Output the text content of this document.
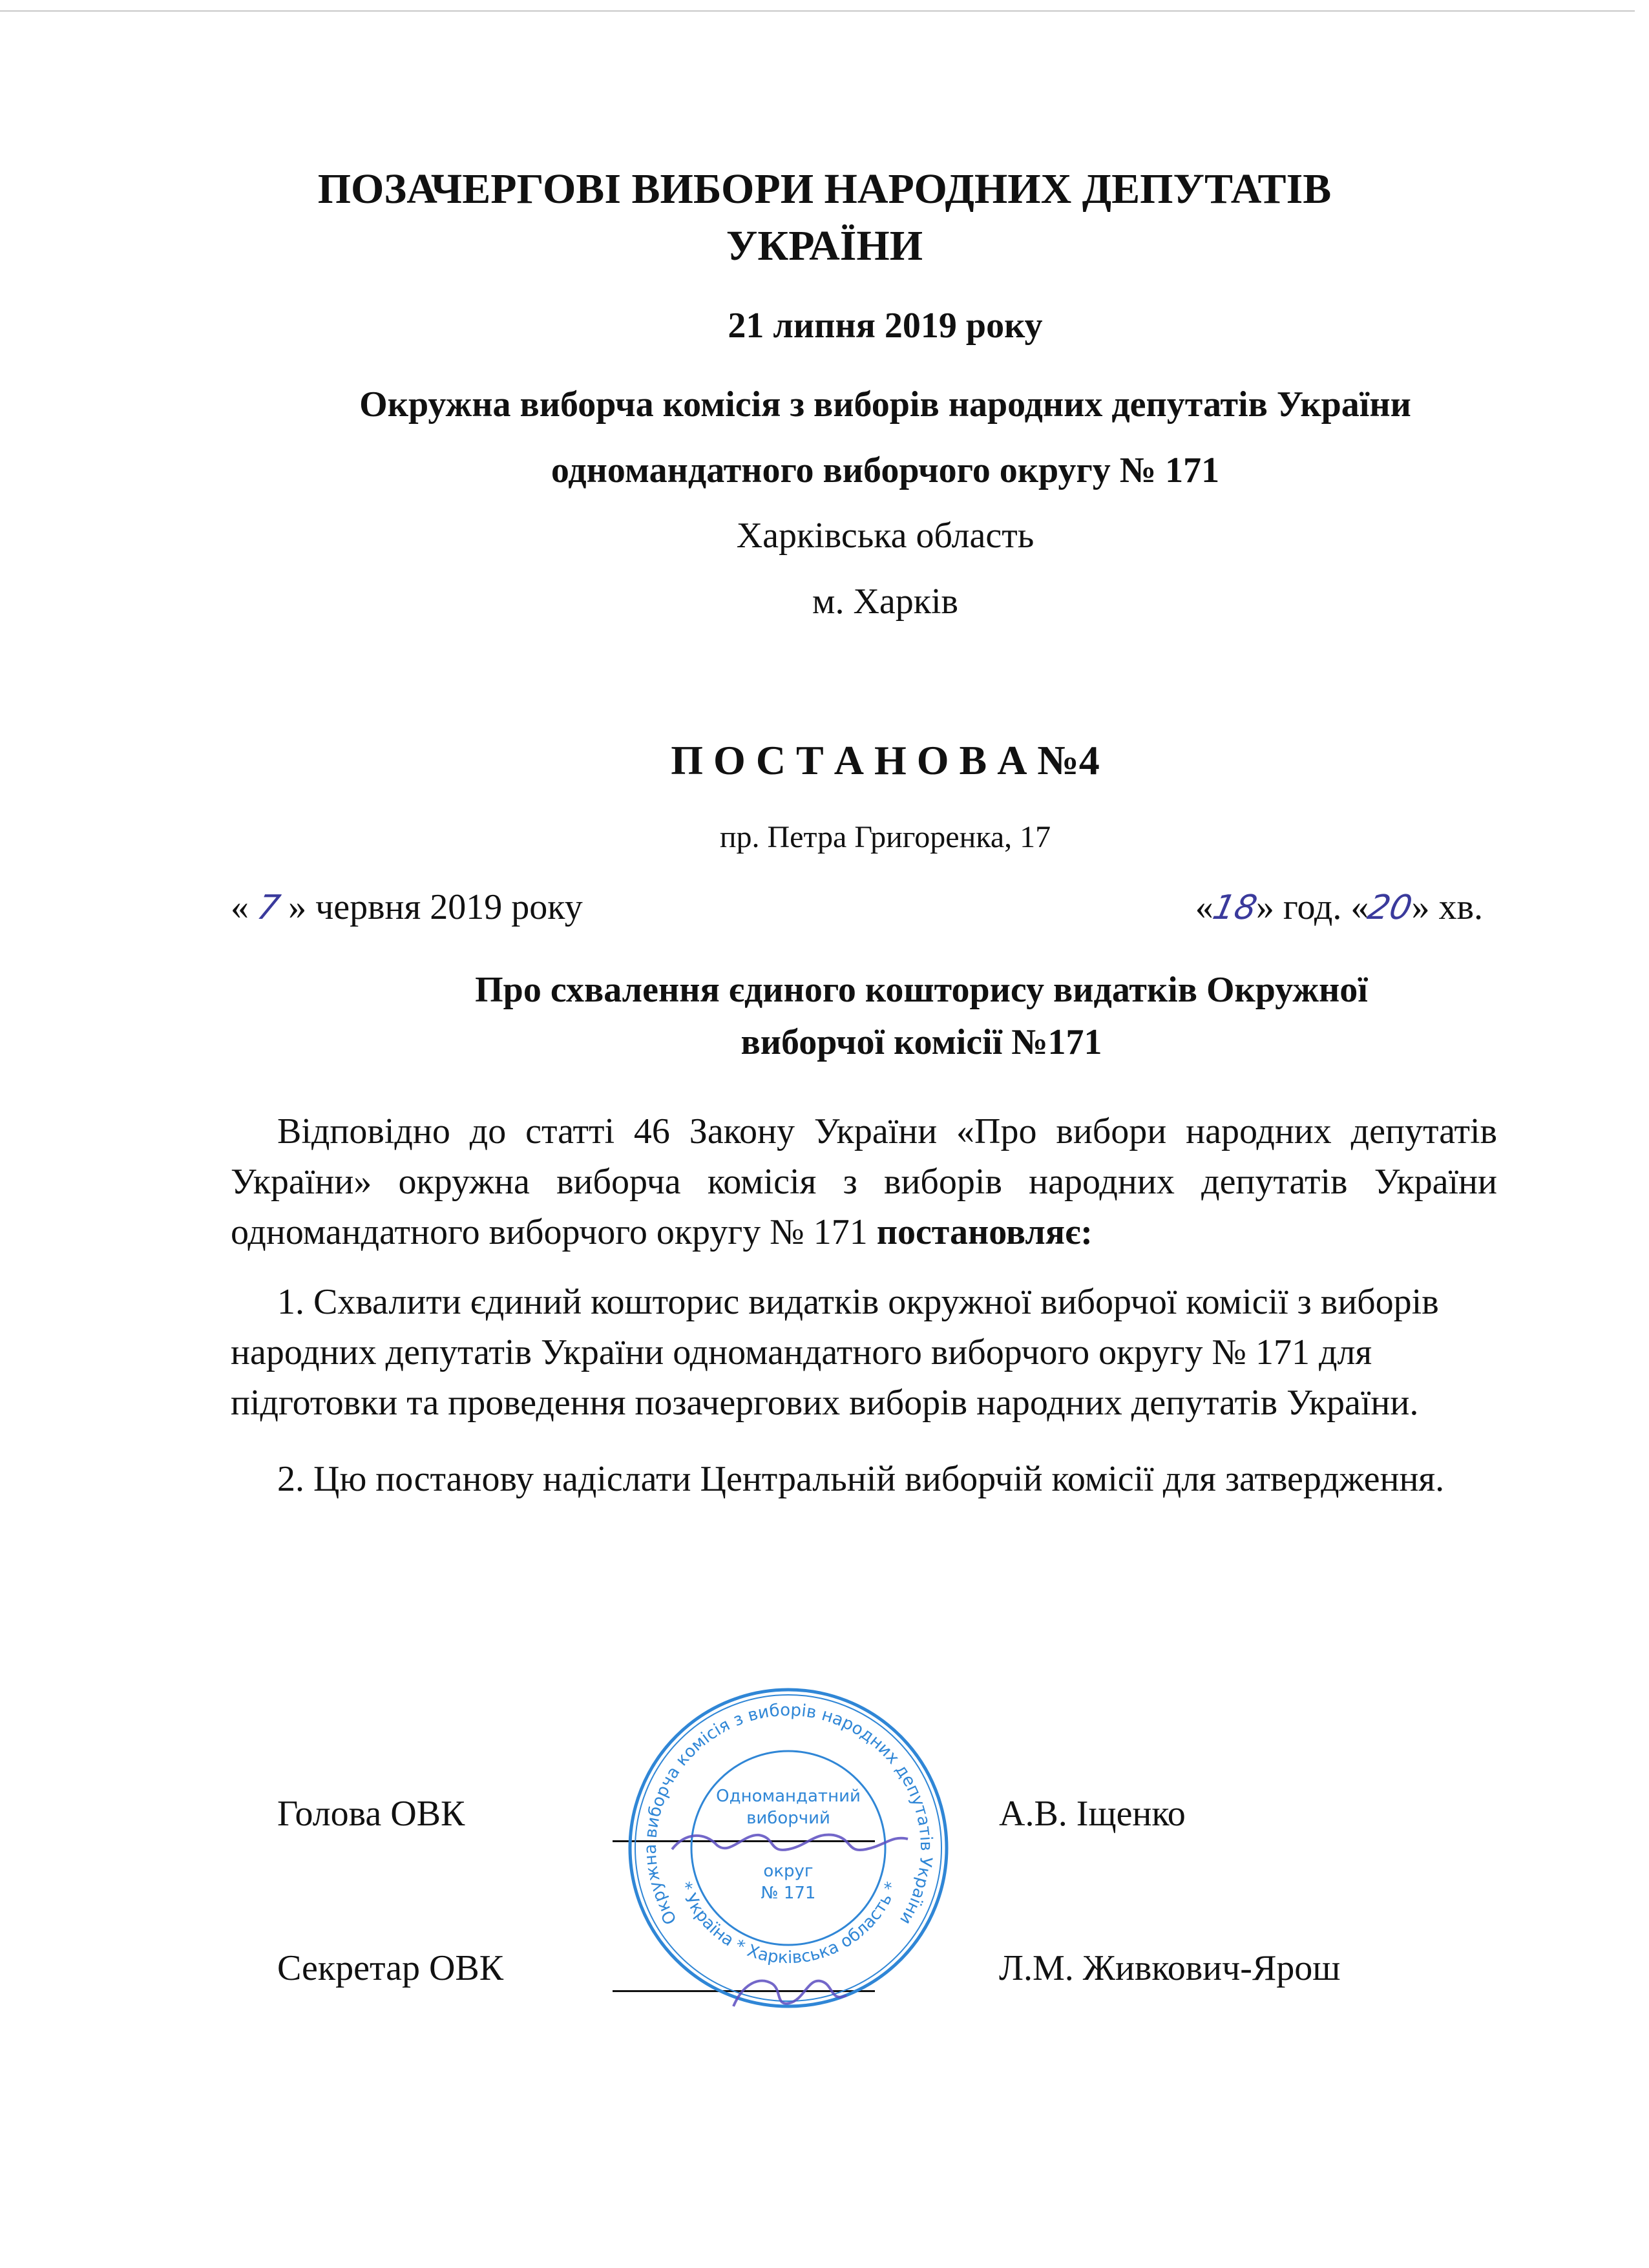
ПОЗАЧЕРГОВІ ВИБОРИ НАРОДНИХ ДЕПУТАТІВ
УКРАЇНИ
21 липня 2019 року
Окружна виборча комісія з виборів народних депутатів України
одномандатного виборчого округу № 171
Харківська область
м. Харків
П О С Т А Н О В А №4
пр. Петра Григоренка, 17
« 7 » червня 2019 року	«18» год. «20» хв.
Про схвалення єдиного кошторису видатків Окружної
виборчої комісії №171
Відповідно до статті 46 Закону України «Про вибори народних депутатів України» окружна виборча комісія з виборів народних депутатів України одномандатного виборчого округу № 171 постановляє:
1. Схвалити єдиний кошторис видатків окружної виборчої комісії з виборів народних депутатів України одномандатного виборчого округу № 171 для підготовки та проведення позачергових виборів народних депутатів України.
2. Цю постанову надіслати Центральній виборчій комісії для затвердження.
Голова ОВК	А.В. Іщенко
Секретар ОВК	Л.М. Живкович-Ярош
Окружна виборча комісія з виборів народних депутатів України
* Україна * Харківська область *
Одномандатний
виборчий
округ
№ 171
